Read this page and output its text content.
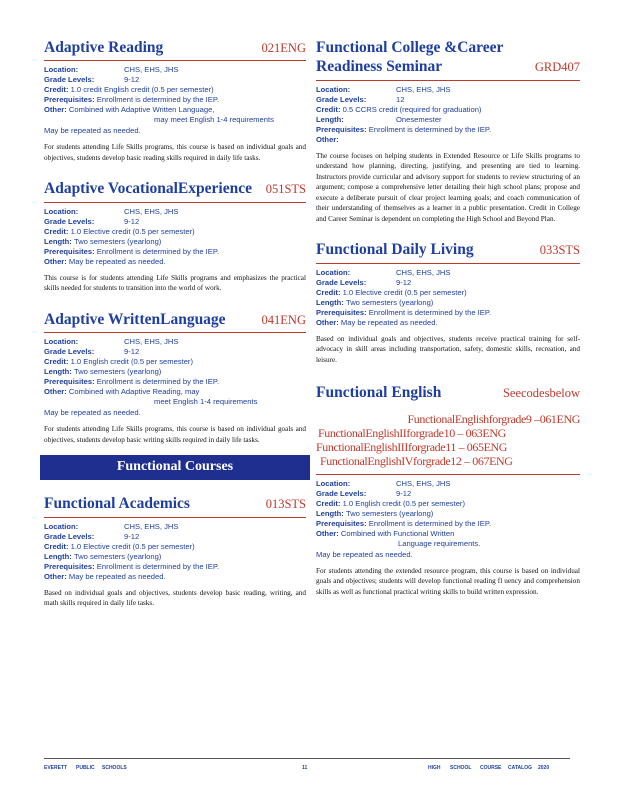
Adaptive Reading	021ENG
Location:	CHS, EHS, JHS
Grade Levels:	9-12
Credit:
1.0 credit English credit (0.5 per semester)
Prerequisites:
Enrollment is determined by the IEP.
Other:
Combined with Adaptive Written Language,
may meet English 1-4 requirements
May be repeated as needed.
For students attending Life Skills programs, this course is based on individual goals and objectives, students develop basic reading skills required in daily life tasks.
Adaptive VocationalExperience 051STS
Location:	CHS, EHS, JHS
Grade Levels:	9-12
Credit:
1.0 Elective credit (0.5 per semester)
Length:
Two semesters (yearlong)
Prerequisites:
Enrollment is determined by the IEP.
Other:
May be repeated as needed.
This course is for students attending Life Skills programs and emphasizes the practical skills needed for students to transition into the world of work.
Adaptive WrittenLanguage	041ENG
Location:	CHS, EHS, JHS
Grade Levels:	9-12
Credit:
1.0 English credit (0.5 per semester)
Length:
Two semesters (yearlong)
Prerequisites:
Enrollment is determined by the IEP.
Other:
Combined with Adaptive Reading, may
meet English 1-4 requirements
May be repeated as needed.
For students attending Life Skills programs, this course is based on individual goals and objectives, students develop basic writing skills required in daily life tasks.
Functional Courses
Functional Academics	013STS
Location:	CHS, EHS, JHS
Grade Levels:	9-12
Credit:
1.0 Elective credit (0.5 per semester)
Length:
Two semesters (yearlong)
Prerequisites:
Enrollment is determined by the IEP.
Other:
May be repeated as needed.
Based on individual goals and objectives, students develop basic reading, writing, and math skills required in daily life tasks.
Functional College &Career
Readiness Seminar	GRD407
Location:	CHS, EHS, JHS
Grade Levels:	12
Credit:
0.5 CCRS credit (required for graduation)
Length:	Onesemester
Prerequisites:
Enrollment is determined by the IEP.
Other:

The course focuses on helping students in Extended Resource or Life Skills programs to understand how planning, directing, justifying, and presenting are tied to learning. Instructors provide curricular and advisory support for students to review structuring of an argument; compose a comprehensive letter detailing their high school plans; propose and execute a deliberate pursuit of clear project learning goals; and coach communication of their understanding of themselves as a learner in a public presentation. Credit in College and Career Seminar is dependent on completing the High School and Beyond Plan.
Functional Daily Living	033STS
Location:	CHS, EHS, JHS
Grade Levels:	9-12
Credit:
1.0 Elective credit (0.5 per semester)
Length:
Two semesters (yearlong)
Prerequisites:
Enrollment is determined by the IEP.
Other:
May be repeated as needed.
Based on individual goals and objectives, students receive practical training for self-advocacy in skill areas including transportation, safety, domestic skills, recreation, and leisure.
Functional English	Seecodesbelow
FunctionalEnglishforgrade9 –061ENG
FunctionalEnglishIIforgrade10 – 063ENG
FunctionalEnglishIIIforgrade11 – 065ENG
FunctionalEnglishIVforgrade12 – 067ENG
Location:	CHS, EHS, JHS
Grade Levels:	9-12
Credit:
1.0 English credit (0.5 per semester)
Length:
Two semesters (yearlong)
Prerequisites:
Enrollment is determined by the IEP.
Other:
Combined with Functional Written
Language requirements.
May be repeated as needed.
For students attending the extended resource program, this course is based on individual goals and objectives; students will develop functional reading fl uency and comprehension skills as well as functional practical writing skills to build written expression.
EVERETT PUBLIC SCHOOLS	11	HIGH SCHOOL COURSE CATALOG 2020
